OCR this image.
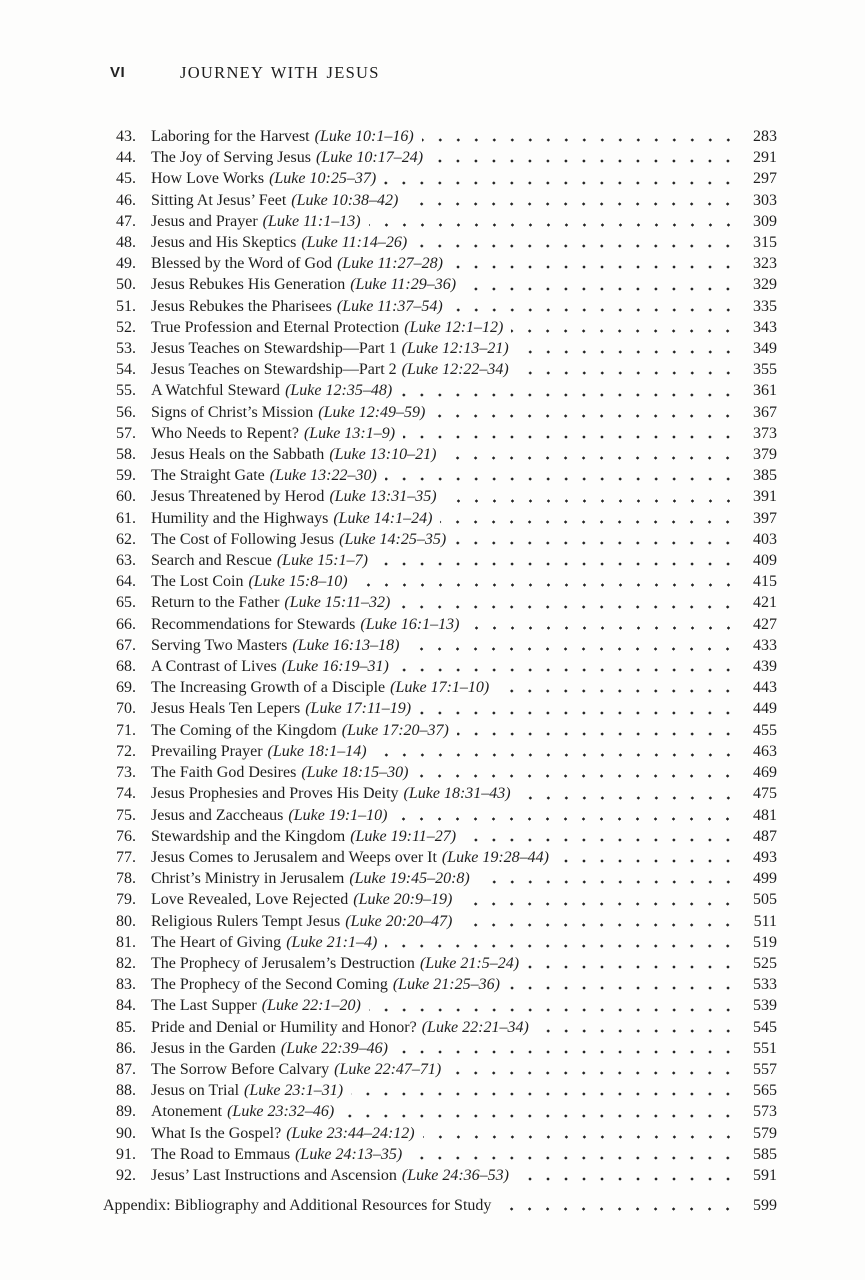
VI	JOURNEY WITH JESUS
43. Laboring for the Harvest (Luke 10:1–16)	283
44. The Joy of Serving Jesus (Luke 10:17–24)	291
45. How Love Works (Luke 10:25–37)	297
46. Sitting At Jesus’ Feet (Luke 10:38–42)	303
47. Jesus and Prayer (Luke 11:1–13)	309
48. Jesus and His Skeptics (Luke 11:14–26)	315
49. Blessed by the Word of God (Luke 11:27–28)	323
50. Jesus Rebukes His Generation (Luke 11:29–36)	329
51. Jesus Rebukes the Pharisees (Luke 11:37–54)	335
52. True Profession and Eternal Protection (Luke 12:1–12)	343
53. Jesus Teaches on Stewardship—Part 1 (Luke 12:13–21)	349
54. Jesus Teaches on Stewardship—Part 2 (Luke 12:22–34)	355
55. A Watchful Steward (Luke 12:35–48)	361
56. Signs of Christ’s Mission (Luke 12:49–59)	367
57. Who Needs to Repent? (Luke 13:1–9)	373
58. Jesus Heals on the Sabbath (Luke 13:10–21)	379
59. The Straight Gate (Luke 13:22–30)	385
60. Jesus Threatened by Herod (Luke 13:31–35)	391
61. Humility and the Highways (Luke 14:1–24)	397
62. The Cost of Following Jesus (Luke 14:25–35)	403
63. Search and Rescue (Luke 15:1–7)	409
64. The Lost Coin (Luke 15:8–10)	415
65. Return to the Father (Luke 15:11–32)	421
66. Recommendations for Stewards (Luke 16:1–13)	427
67. Serving Two Masters (Luke 16:13–18)	433
68. A Contrast of Lives (Luke 16:19–31)	439
69. The Increasing Growth of a Disciple (Luke 17:1–10)	443
70. Jesus Heals Ten Lepers (Luke 17:11–19)	449
71. The Coming of the Kingdom (Luke 17:20–37)	455
72. Prevailing Prayer (Luke 18:1–14)	463
73. The Faith God Desires (Luke 18:15–30)	469
74. Jesus Prophesies and Proves His Deity (Luke 18:31–43)	475
75. Jesus and Zaccheaus (Luke 19:1–10)	481
76. Stewardship and the Kingdom (Luke 19:11–27)	487
77. Jesus Comes to Jerusalem and Weeps over It (Luke 19:28–44)	493
78. Christ’s Ministry in Jerusalem (Luke 19:45–20:8)	499
79. Love Revealed, Love Rejected (Luke 20:9–19)	505
80. Religious Rulers Tempt Jesus (Luke 20:20–47)	511
81. The Heart of Giving (Luke 21:1–4)	519
82. The Prophecy of Jerusalem’s Destruction (Luke 21:5–24)	525
83. The Prophecy of the Second Coming (Luke 21:25–36)	533
84. The Last Supper (Luke 22:1–20)	539
85. Pride and Denial or Humility and Honor? (Luke 22:21–34)	545
86. Jesus in the Garden (Luke 22:39–46)	551
87. The Sorrow Before Calvary (Luke 22:47–71)	557
88. Jesus on Trial (Luke 23:1–31)	565
89. Atonement (Luke 23:32–46)	573
90. What Is the Gospel? (Luke 23:44–24:12)	579
91. The Road to Emmaus (Luke 24:13–35)	585
92. Jesus’ Last Instructions and Ascension (Luke 24:36–53)	591
Appendix: Bibliography and Additional Resources for Study	599
